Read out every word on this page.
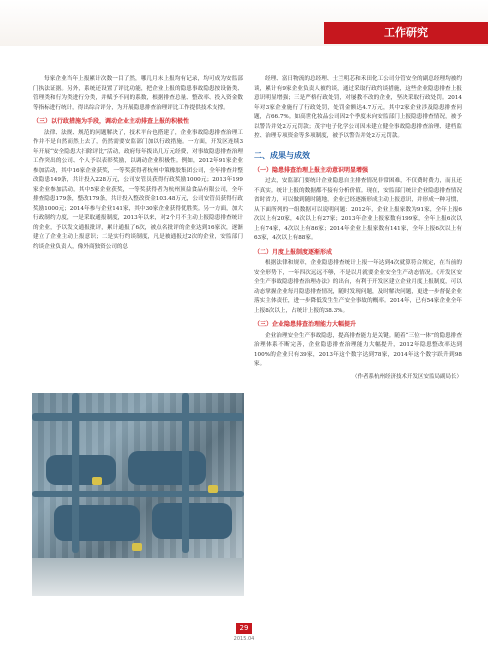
工作研究

每家企业当年上报累计次数一目了然，哪几月未上报均有记录，均可成为安监部门执法证据。另外，系统还设置了评比功能，把企业上报的隐患事故隐患按设备类、管理类和行为类进行分类，并赋予不同的系数，根据排查总量、整改率、投入资金数等指标进行统计，得出综合评分，为开展隐患排查治理评比工作提供技术支撑。

（三）以行政措施为手段，调动企业主动排查上报的积极性

法律、法规、规范的问题解决了，技术平台也搭建了，企业事故隐患排查治理工作并不是自然而然上去了，仍然需要安监部门加以行政措施。一方面，开发区连续3年开展“安全隐患大扫除评比”活动，政府每年拨出几万元经费，对事故隐患排查治理工作突出的公司、个人予以表彰奖励，以调动企业积极性。例如，2012年91家企业参加活动，其中16家企业获奖，一等奖获得者杭州中策橡胶集团公司，全年排查并整改隐患149条，共计投入228万元，公司安管员获得行政奖励1000元；2013年199家企业参加活动，其中5家企业获奖，一等奖获得者为杭州顶益食品有限公司，全年排查隐患179条，整改179条，共计投入整改资金103.48万元，公司安管员获得行政奖励1000元；2014年参与企业141家，其中30家企业获得优胜奖。另一方面，加大行政制约力度，一是采取通报制度，2013年以来，对2个月不主动上报隐患排查统计的企业，予以发文通报批评，累计通报了6次，被点名批评的企业达到16家次，逐渐建立了企业主动上报意识；二是实行约谈制度，凡是被通报过2次的企业，安监部门约谈企业负责人，像外商独资公司的总

经理、富日物流的总经理、士兰明芯和禾田化工公司分管安全的副总经理均被约谈，累计有9家企业负责人被约谈，通过采取行政约谈措施，这些企业隐患排查上报意识明显增强；三是严格行政处罚，对屡教不改的企业，坚决采取行政处罚。2014年对3家企业施行了行政处罚，处罚金额达4.7万元，其中2家企业涉及隐患排查问题，占66.7%。如高世化妆品公司因2个季度未向安监部门上报隐患排查情况，被予以警告并处2万元罚款；茂宇电子化学公司因未建立健全事故隐患排查治理、建档监控、治理专项资金等多项制度，被予以警告并处2万元罚款。

二、成果与成效
（一）隐患排查治理上报主动意识明显增强

过去，安监部门要统计企业隐患自主排查情况非常困难，不仅费时费力，而且还不真实。统计上报的数据都不接有分析价值。现在，安监部门统计企业隐患排查情况省时省力，可以做到随时随地，企业已经逐渐形成主动上报意识，并形成一种习惯，从下面所列的一组数据可以说明问题：2012年，企业上报家数为91家，全年上报6次以上有20家，4次以上有27家；2013年企业上报家数有199家，全年上报6次以上有74家，4次以上有86家；2014年企业上报家数有141家，全年上报6次以上有63家，4次以上有88家。

（二）月度上报制度逐渐形成

根据法律和规章，企业隐患排查统计上报一年达到4次就算符合规定，在当前的安全形势下，一年四次远远不够，不是以月就要企业安全生产动态情况。《开发区安全生产事故隐患排查治理办法》的出台，有利于开发区建立企业月度上报制度，可以动态掌握企业每月隐患排查情况，随时发现问题，及时解决问题，更进一步督促企业落实主体责任，进一步降低发生生产安全事故的概率。2014年，已有54家企业全年上报8次以上，占统计上报的38.3%。

（三）企业隐患排查治理能力大幅提升

企业治理安全生产事故隐患，提高排查能力是关键。随着“三位一体”的隐患排查治理体系不断完善，企业隐患排查治理能力大幅提升，2012年隐患整改率达到100%的企业只有39家，2013年这个数字达到78家，2014年这个数字跃升到98家。

（作者系杭州经济技术开发区安监局副局长）

29
2015.04
